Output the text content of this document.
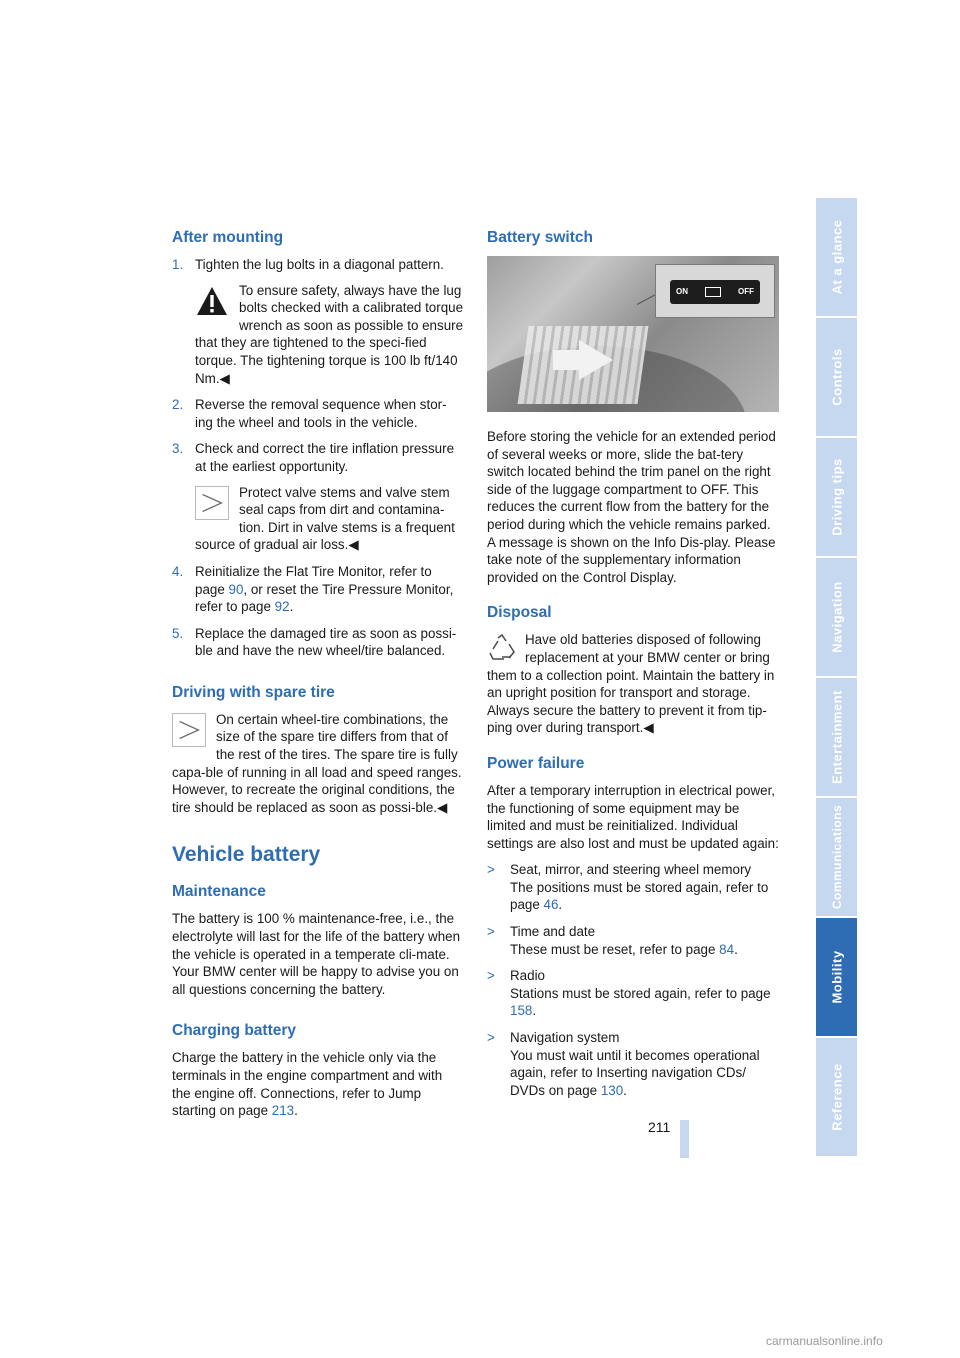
After mounting
1. Tighten the lug bolts in a diagonal pattern.
To ensure safety, always have the lug bolts checked with a calibrated torque wrench as soon as possible to ensure that they are tightened to the speci-fied torque. The tightening torque is 100 lb ft/140 Nm.◀
2. Reverse the removal sequence when stor-ing the wheel and tools in the vehicle.
3. Check and correct the tire inflation pressure at the earliest opportunity.
Protect valve stems and valve stem seal caps from dirt and contamina-tion. Dirt in valve stems is a frequent source of gradual air loss.◀
4. Reinitialize the Flat Tire Monitor, refer to page 90, or reset the Tire Pressure Monitor, refer to page 92.
5. Replace the damaged tire as soon as possi-ble and have the new wheel/tire balanced.
Driving with spare tire
On certain wheel-tire combinations, the size of the spare tire differs from that of the rest of the tires. The spare tire is fully capa-ble of running in all load and speed ranges. However, to recreate the original conditions, the tire should be replaced as soon as possi-ble.◀
Vehicle battery
Maintenance

The battery is 100 % maintenance-free, i.e., the electrolyte will last for the life of the battery when the vehicle is operated in a temperate cli-mate. Your BMW center will be happy to advise you on all questions concerning the battery.

Charging battery

Charge the battery in the vehicle only via the terminals in the engine compartment and with the engine off. Connections, refer to Jump starting on page 213.

Battery switch
ON	OFF

Before storing the vehicle for an extended period of several weeks or more, slide the bat-tery switch located behind the trim panel on the right side of the luggage compartment to OFF. This reduces the current flow from the battery for the period during which the vehicle remains parked. A message is shown on the Info Dis-play. Please take note of the supplementary information provided on the Control Display.

Disposal

Have old batteries disposed of following replacement at your BMW center or bring them to a collection point. Maintain the battery in an upright position for transport and storage. Always secure the battery to prevent it from tip-ping over during transport.◀

Power failure

After a temporary interruption in electrical power, the functioning of some equipment may be limited and must be reinitialized. Individual settings are also lost and must be updated again:

> Seat, mirror, and steering wheel memory
The positions must be stored again, refer to page 46.
> Time and date
These must be reset, refer to page 84.
> Radio
Stations must be stored again, refer to page 158.
> Navigation system
You must wait until it becomes operational again, refer to Inserting navigation CDs/ DVDs on page 130.
211
At a glance
Controls
Driving tips
Navigation
Entertainment
Communications
Mobility
Reference
carmanualsonline.info
